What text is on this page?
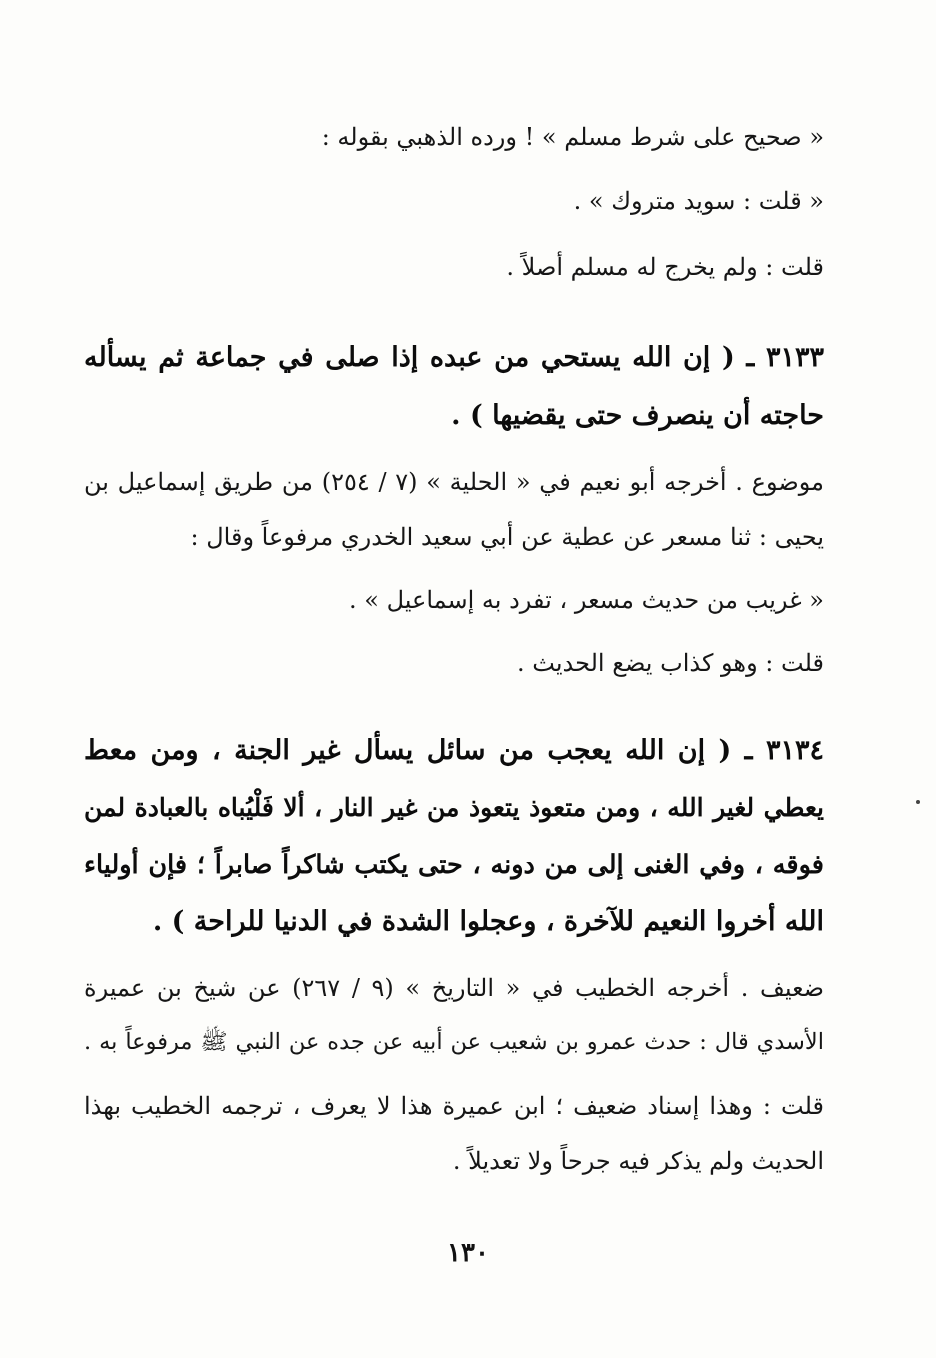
« صحيح على شرط مسلم » ! ورده الذهبي بقوله :
« قلت : سويد متروك » .
قلت : ولم يخرج له مسلم أصلاً .
٣١٣٣ ـ ( إن الله يستحي من عبده إذا صلى في جماعة ثم يسأله
حاجته أن ينصرف حتى يقضيها ) .
موضوع . أخرجه أبو نعيم في « الحلية » (٧ / ٢٥٤) من طريق إسماعيل بن
يحيى : ثنا مسعر عن عطية عن أبي سعيد الخدري مرفوعاً وقال :
« غريب من حديث مسعر ، تفرد به إسماعيل » .
قلت : وهو كذاب يضع الحديث .
٣١٣٤ ـ ( إن الله يعجب من سائل يسأل غير الجنة ، ومن معط
يعطي لغير الله ، ومن متعوذ يتعوذ من غير النار ، ألا فَلْيُباه بالعبادة لمن
فوقه ، وفي الغنى إلى من دونه ، حتى يكتب شاكراً صابراً ؛ فإن أولياء
الله أخروا النعيم للآخرة ، وعجلوا الشدة في الدنيا للراحة ) .
ضعيف . أخرجه الخطيب في « التاريخ » (٩ / ٢٦٧) عن شيخ بن عميرة
الأسدي قال : حدث عمرو بن شعيب عن أبيه عن جده عن النبي ﷺ مرفوعاً به .
قلت : وهذا إسناد ضعيف ؛ ابن عميرة هذا لا يعرف ، ترجمه الخطيب بهذا
الحديث ولم يذكر فيه جرحاً ولا تعديلاً .
١٣٠
